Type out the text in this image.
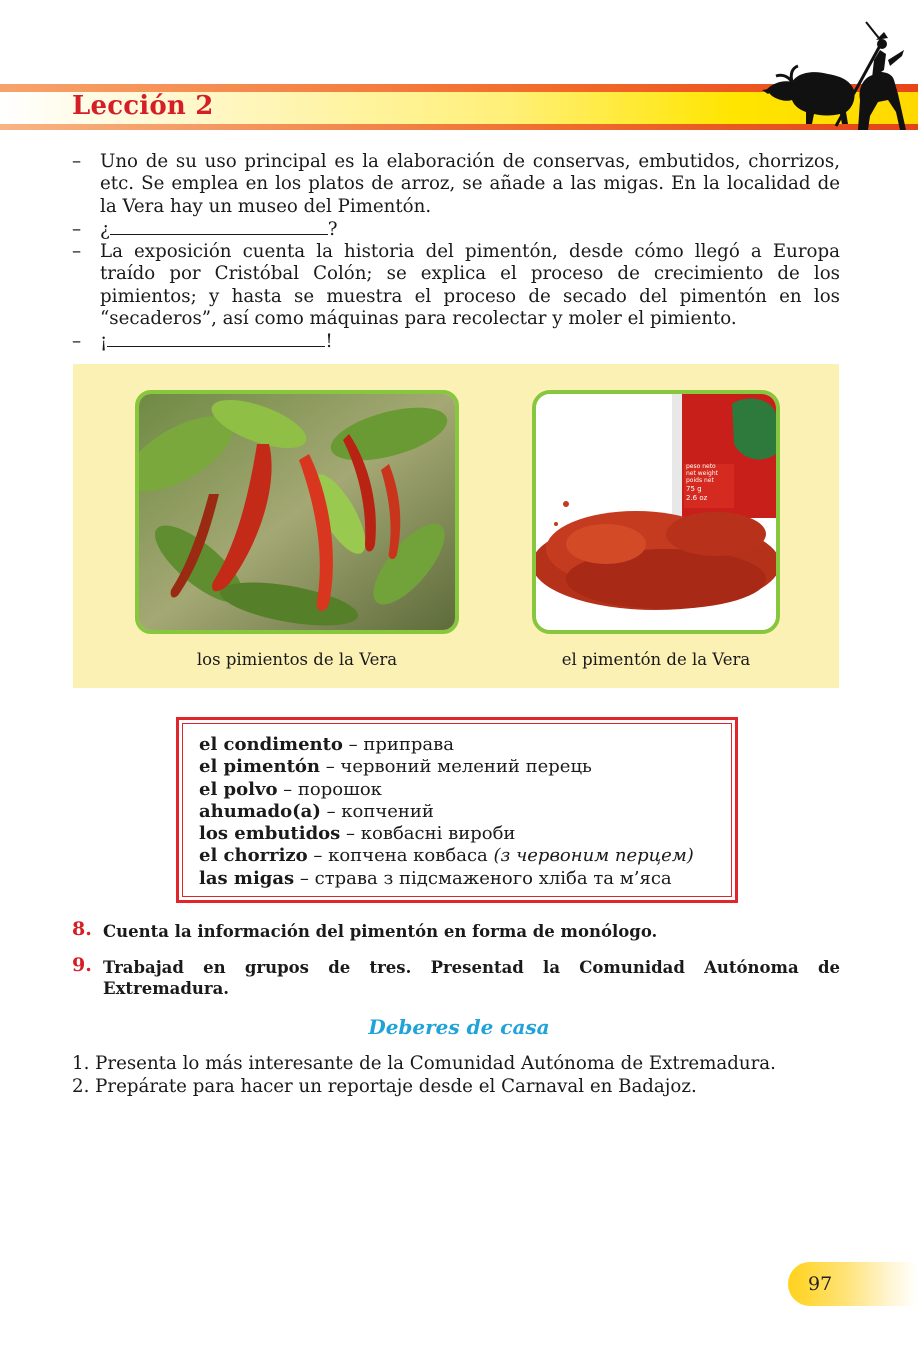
Lección 2
– Uno de su uso principal es la elaboración de conservas, embutidos, chorrizos, etc. Se emplea en los platos de arroz, se añade a las migas. En la localidad de la Vera hay un museo del Pimentón.
– ¿	?
– La exposición cuenta la historia del pimentón, desde cómo llegó a Europa traído por Cristóbal Colón; se explica el proceso de crecimiento de los pimientos; y hasta se muestra el proceso de secado del pimentón en los “secaderos”, así como máquinas para recolectar y moler el pimiento.
– ¡	!
peso neto
net weight
poids net
75 g
2.6 oz
los pimientos de la Vera	el pimentón de la Vera
el condimento – приправа
el pimentón – червоний мелений перець
el polvo – порошок
ahumado(a) – копчений
los embutidos – ковбасні вироби
el chorrizo – копчена ковбаса (з червоним перцем)
las migas – страва з підсмаженого хліба та м’яса
8. Cuenta la información del pimentón en forma de monólogo.
9. Trabajad en grupos de tres. Presentad la Comunidad Autónoma de Extremadura.
Deberes de casa
1. Presenta lo más interesante de la Comunidad Autónoma de Extremadura.
2. Prepárate para hacer un reportaje desde el Carnaval en Badajoz.
97
